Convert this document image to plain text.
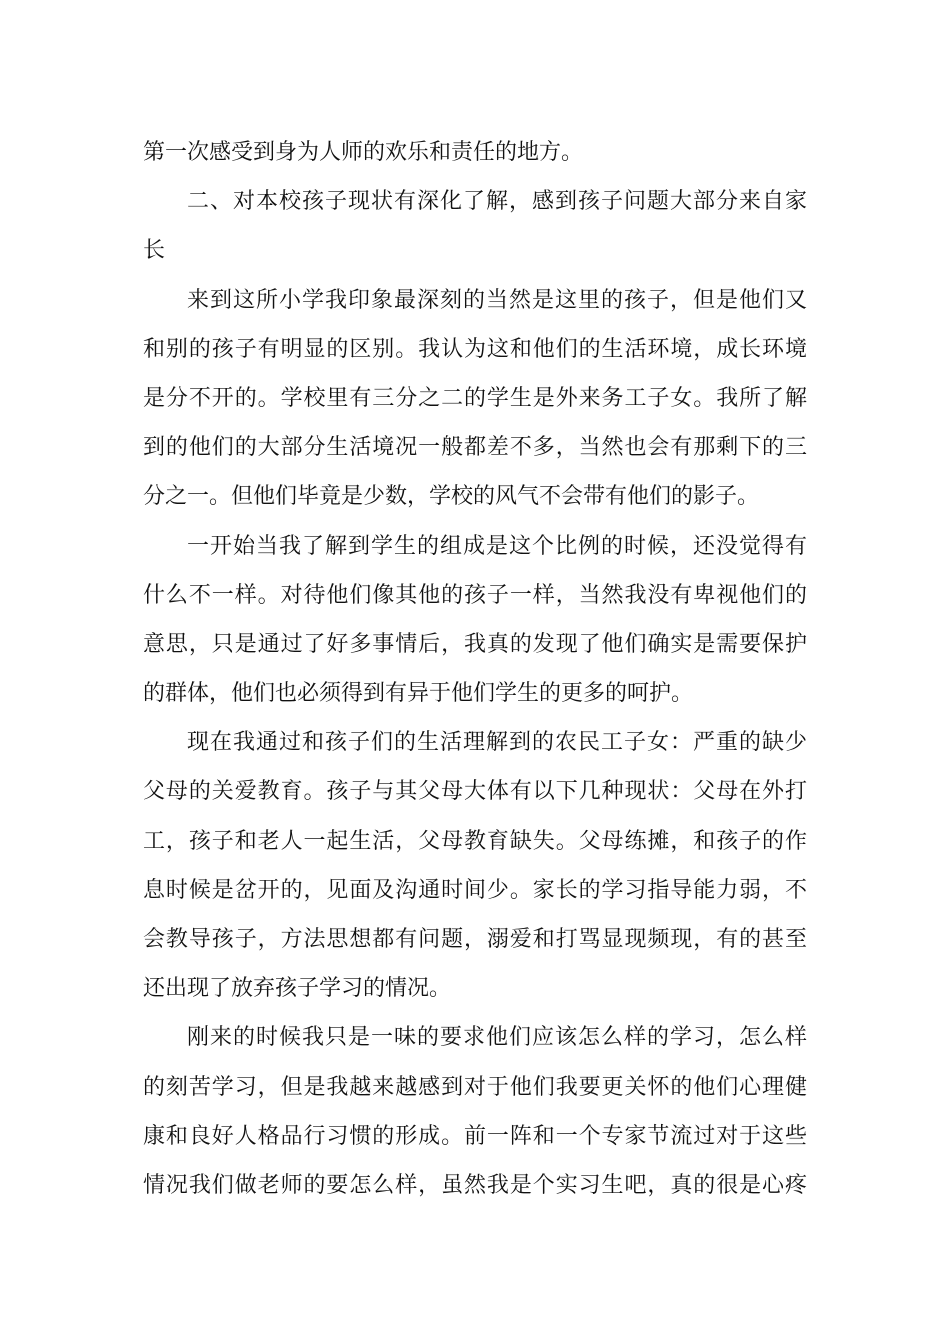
第一次感受到身为人师的欢乐和责任的地方。
二、对本校孩子现状有深化了解，感到孩子问题大部分来自家
长
来到这所小学我印象最深刻的当然是这里的孩子，但是他们又
和别的孩子有明显的区别。我认为这和他们的生活环境，成长环境
是分不开的。学校里有三分之二的学生是外来务工子女。我所了解
到的他们的大部分生活境况一般都差不多，当然也会有那剩下的三
分之一。但他们毕竟是少数，学校的风气不会带有他们的影子。
一开始当我了解到学生的组成是这个比例的时候，还没觉得有
什么不一样。对待他们像其他的孩子一样，当然我没有卑视他们的
意思，只是通过了好多事情后，我真的发现了他们确实是需要保护
的群体，他们也必须得到有异于他们学生的更多的呵护。
现在我通过和孩子们的生活理解到的农民工子女：严重的缺少
父母的关爱教育。孩子与其父母大体有以下几种现状：父母在外打
工，孩子和老人一起生活，父母教育缺失。父母练摊，和孩子的作
息时候是岔开的，见面及沟通时间少。家长的学习指导能力弱，不
会教导孩子，方法思想都有问题，溺爱和打骂显现频现，有的甚至
还出现了放弃孩子学习的情况。
刚来的时候我只是一味的要求他们应该怎么样的学习，怎么样
的刻苦学习，但是我越来越感到对于他们我要更关怀的他们心理健
康和良好人格品行习惯的形成。前一阵和一个专家节流过对于这些
情况我们做老师的要怎么样，虽然我是个实习生吧，真的很是心疼
